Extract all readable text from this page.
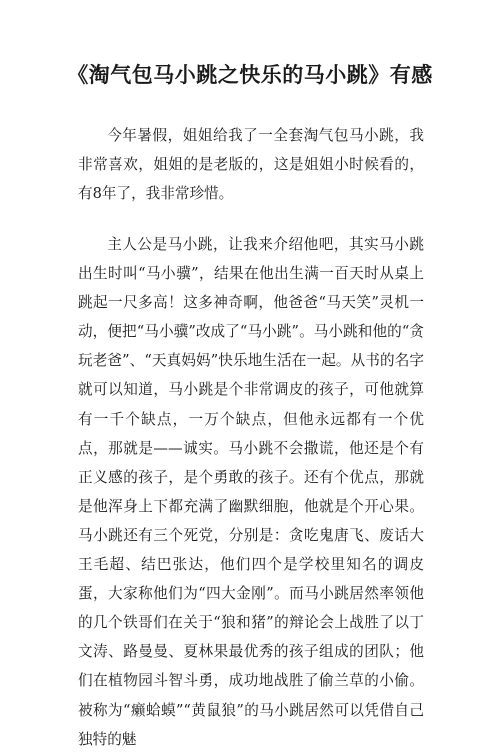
《淘气包马小跳之快乐的马小跳》有感

今年暑假，姐姐给我了一全套淘气包马小跳，我非常喜欢，姐姐的是老版的，这是姐姐小时候看的，有8年了，我非常珍惜。

主人公是马小跳，让我来介绍他吧，其实马小跳出生时叫“马小骥”，结果在他出生满一百天时从桌上跳起一尺多高！这多神奇啊，他爸爸“马天笑”灵机一动，便把“马小骥”改成了“马小跳”。马小跳和他的“贪玩老爸”、“天真妈妈”快乐地生活在一起。从书的名字就可以知道，马小跳是个非常调皮的孩子，可他就算有一千个缺点，一万个缺点，但他永远都有一个优点，那就是——诚实。马小跳不会撒谎，他还是个有正义感的孩子，是个勇敢的孩子。还有个优点，那就是他浑身上下都充满了幽默细胞，他就是个开心果。马小跳还有三个死党，分别是：贪吃鬼唐飞、废话大王毛超、结巴张达，他们四个是学校里知名的调皮蛋，大家称他们为“四大金刚”。而马小跳居然率领他的几个铁哥们在关于“狼和猪”的辩论会上战胜了以丁文涛、路曼曼、夏林果最优秀的孩子组成的团队；他们在植物园斗智斗勇，成功地战胜了偷兰草的小偷。被称为“癞蛤蟆”“黄鼠狼”的马小跳居然可以凭借自己独特的魅
